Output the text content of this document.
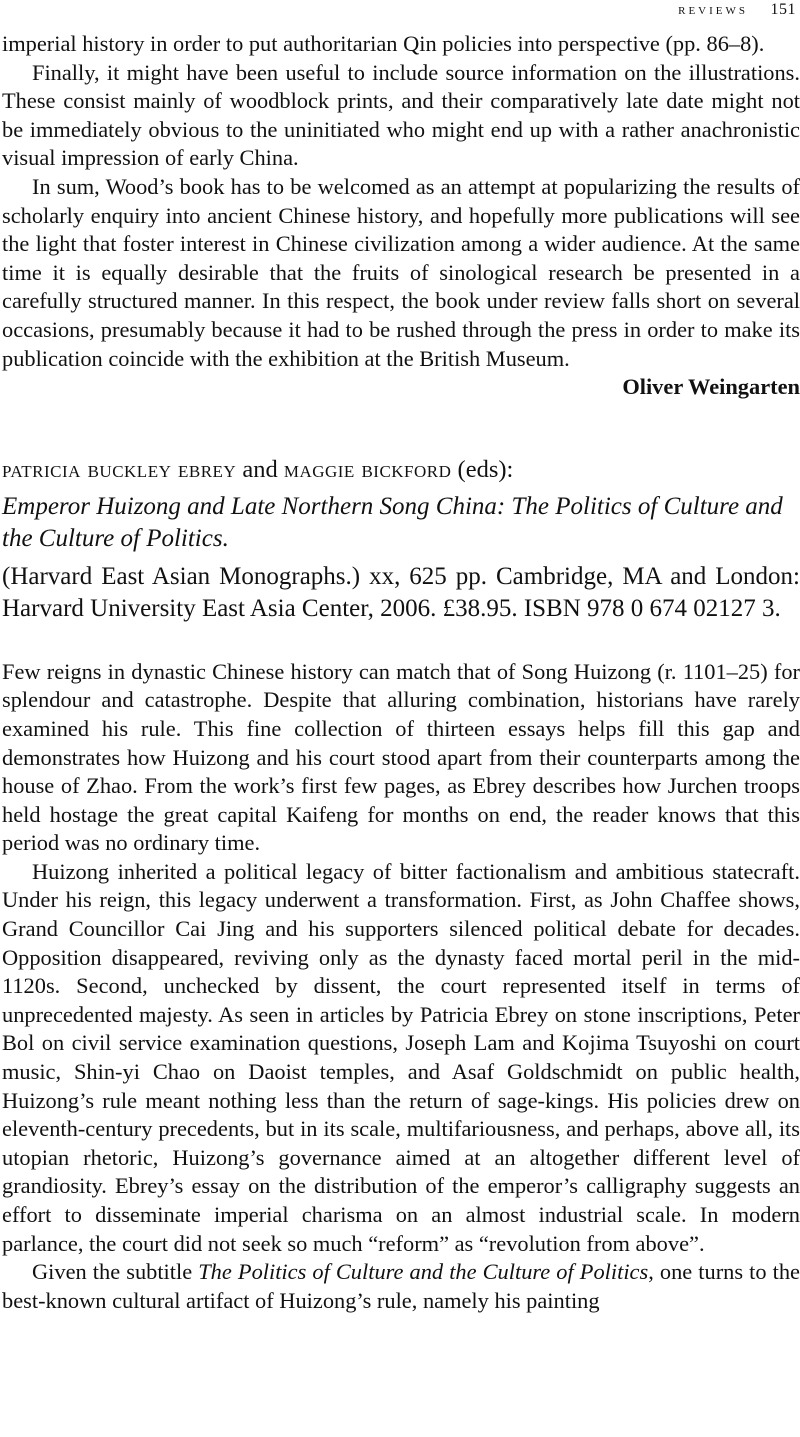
reviews 151

imperial history in order to put authoritarian Qin policies into perspective (pp. 86–8).

Finally, it might have been useful to include source information on the illustrations. These consist mainly of woodblock prints, and their comparatively late date might not be immediately obvious to the uninitiated who might end up with a rather anachronistic visual impression of early China.

In sum, Wood’s book has to be welcomed as an attempt at popularizing the results of scholarly enquiry into ancient Chinese history, and hopefully more publications will see the light that foster interest in Chinese civilization among a wider audience. At the same time it is equally desirable that the fruits of sinological research be presented in a carefully structured manner. In this respect, the book under review falls short on several occasions, presumably because it had to be rushed through the press in order to make its publication coincide with the exhibition at the British Museum.

Oliver Weingarten

patricia buckley ebrey and maggie bickford (eds):
Emperor Huizong and Late Northern Song China: The Politics of Culture and the Culture of Politics.
(Harvard East Asian Monographs.) xx, 625 pp. Cambridge, MA and London: Harvard University East Asia Center, 2006. £38.95. ISBN 978 0 674 02127 3.

Few reigns in dynastic Chinese history can match that of Song Huizong (r. 1101–25) for splendour and catastrophe. Despite that alluring combination, historians have rarely examined his rule. This fine collection of thirteen essays helps fill this gap and demonstrates how Huizong and his court stood apart from their counterparts among the house of Zhao. From the work’s first few pages, as Ebrey describes how Jurchen troops held hostage the great capital Kaifeng for months on end, the reader knows that this period was no ordinary time.

Huizong inherited a political legacy of bitter factionalism and ambitious statecraft. Under his reign, this legacy underwent a transformation. First, as John Chaffee shows, Grand Councillor Cai Jing and his supporters silenced political debate for decades. Opposition disappeared, reviving only as the dynasty faced mortal peril in the mid-1120s. Second, unchecked by dissent, the court represented itself in terms of unprecedented majesty. As seen in articles by Patricia Ebrey on stone inscriptions, Peter Bol on civil service examination questions, Joseph Lam and Kojima Tsuyoshi on court music, Shin-yi Chao on Daoist temples, and Asaf Goldschmidt on public health, Huizong’s rule meant nothing less than the return of sage-kings. His policies drew on eleventh-century precedents, but in its scale, multifariousness, and perhaps, above all, its utopian rhetoric, Huizong’s governance aimed at an altogether different level of grandiosity. Ebrey’s essay on the distribution of the emperor’s calligraphy suggests an effort to disseminate imperial charisma on an almost industrial scale. In modern parlance, the court did not seek so much “reform” as “revolution from above”.

Given the subtitle The Politics of Culture and the Culture of Politics, one turns to the best-known cultural artifact of Huizong’s rule, namely his painting
